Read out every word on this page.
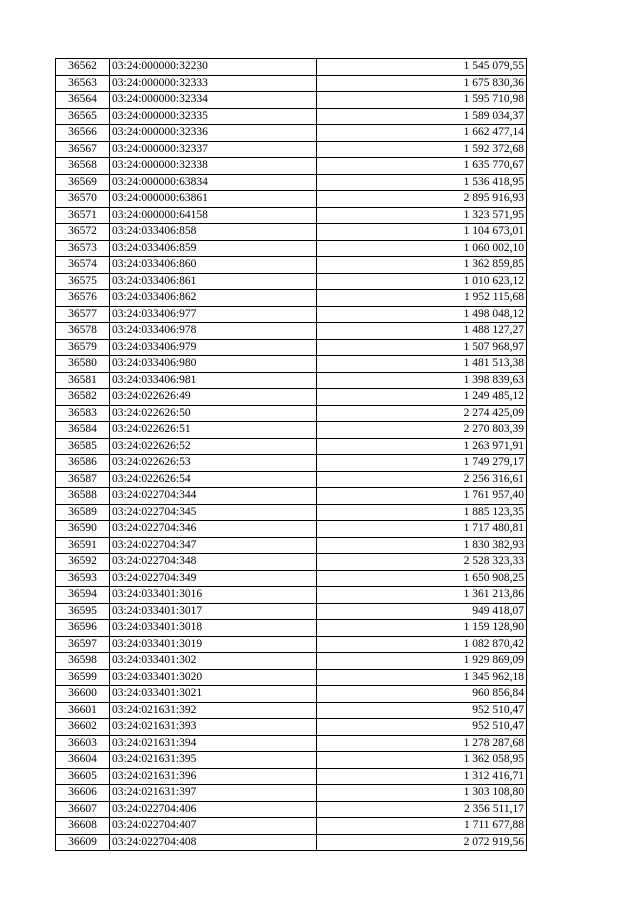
36562	03:24:000000:32230	1 545 079,55
36563	03:24:000000:32333	1 675 830,36
36564	03:24:000000:32334	1 595 710,98
36565	03:24:000000:32335	1 589 034,37
36566	03:24:000000:32336	1 662 477,14
36567	03:24:000000:32337	1 592 372,68
36568	03:24:000000:32338	1 635 770,67
36569	03:24:000000:63834	1 536 418,95
36570	03:24:000000:63861	2 895 916,93
36571	03:24:000000:64158	1 323 571,95
36572	03:24:033406:858	1 104 673,01
36573	03:24:033406:859	1 060 002,10
36574	03:24:033406:860	1 362 859,85
36575	03:24:033406:861	1 010 623,12
36576	03:24:033406:862	1 952 115,68
36577	03:24:033406:977	1 498 048,12
36578	03:24:033406:978	1 488 127,27
36579	03:24:033406:979	1 507 968,97
36580	03:24:033406:980	1 481 513,38
36581	03:24:033406:981	1 398 839,63
36582	03:24:022626:49	1 249 485,12
36583	03:24:022626:50	2 274 425,09
36584	03:24:022626:51	2 270 803,39
36585	03:24:022626:52	1 263 971,91
36586	03:24:022626:53	1 749 279,17
36587	03:24:022626:54	2 256 316,61
36588	03:24:022704:344	1 761 957,40
36589	03:24:022704:345	1 885 123,35
36590	03:24:022704:346	1 717 480,81
36591	03:24:022704:347	1 830 382,93
36592	03:24:022704:348	2 528 323,33
36593	03:24:022704:349	1 650 908,25
36594	03:24:033401:3016	1 361 213,86
36595	03:24:033401:3017	949 418,07
36596	03:24:033401:3018	1 159 128,90
36597	03:24:033401:3019	1 082 870,42
36598	03:24:033401:302	1 929 869,09
36599	03:24:033401:3020	1 345 962,18
36600	03:24:033401:3021	960 856,84
36601	03:24:021631:392	952 510,47
36602	03:24:021631:393	952 510,47
36603	03:24:021631:394	1 278 287,68
36604	03:24:021631:395	1 362 058,95
36605	03:24:021631:396	1 312 416,71
36606	03:24:021631:397	1 303 108,80
36607	03:24:022704:406	2 356 511,17
36608	03:24:022704:407	1 711 677,88
36609	03:24:022704:408	2 072 919,56
